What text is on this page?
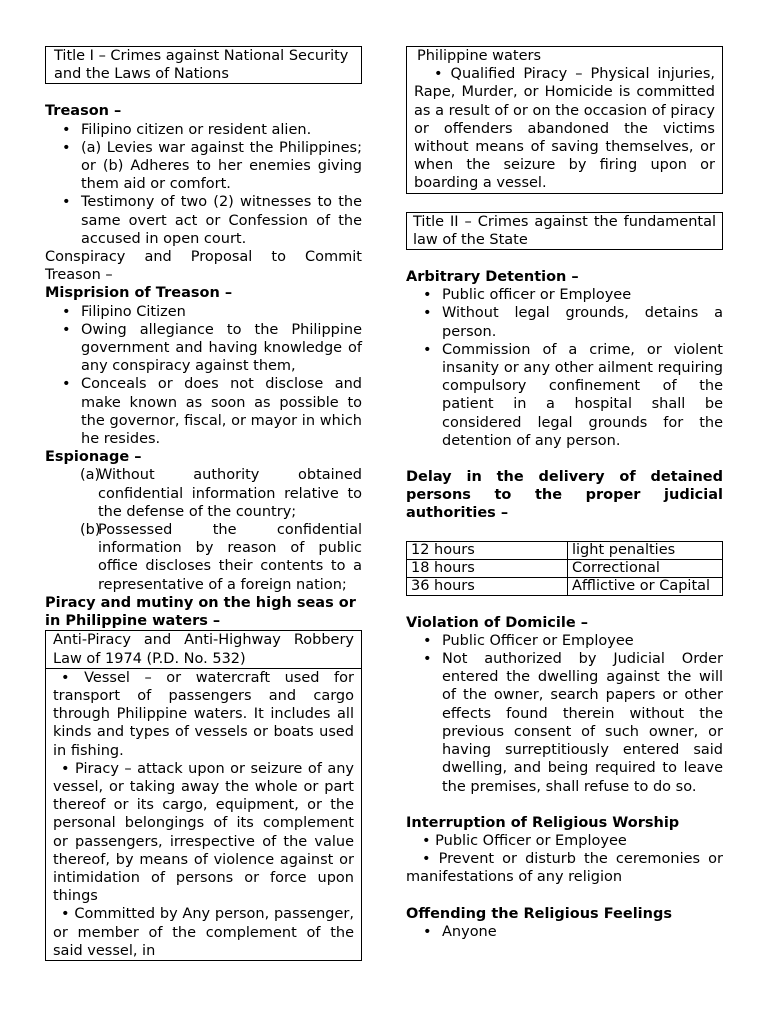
Title I – Crimes against National Security and the Laws of Nations
Treason –
• Filipino citizen or resident alien.
• (a) Levies war against the Philippines; or (b) Adheres to her enemies giving them aid or comfort.
• Testimony of two (2) witnesses to the same overt act or Confession of the accused in open court.

Conspiracy and Proposal to Commit Treason –

Misprision of Treason –
• Filipino Citizen
• Owing allegiance to the Philippine government and having knowledge of any conspiracy against them,
• Conceals or does not disclose and make known as soon as possible to the governor, fiscal, or mayor in which he resides.
Espionage –
(a)
Without authority obtained confidential information relative to the defense of the country;
(b)
Possessed the confidential information by reason of public office discloses their contents to a representative of a foreign nation;
Piracy and mutiny on the high seas or in Philippine waters –

Anti-Piracy and Anti-Highway Robbery Law of 1974 (P.D. No. 532)

• Vessel – or watercraft used for transport of passengers and cargo through Philippine waters. It includes all kinds and types of vessels or boats used in fishing.

• Piracy – attack upon or seizure of any vessel, or taking away the whole or part thereof or its cargo, equipment, or the personal belongings of its complement or passengers, irrespective of the value thereof, by means of violence against or intimidation of persons or force upon things

• Committed by Any person, passenger, or member of the complement of the said vessel, in

Philippine waters

• Qualified Piracy – Physical injuries, Rape, Murder, or Homicide is committed as a result of or on the occasion of piracy or offenders abandoned the victims without means of saving themselves, or when the seizure by firing upon or boarding a vessel.

Title II – Crimes against the fundamental law of the State

Arbitrary Detention –
• Public officer or Employee
• Without legal grounds, detains a person.
• Commission of a crime, or violent insanity or any other ailment requiring compulsory confinement of the patient in a hospital shall be considered legal grounds for the detention of any person.
Delay in the delivery of detained persons to the proper judicial authorities –
12 hours	light penalties
18 hours	Correctional
36 hours	Afflictive or Capital
Violation of Domicile –
• Public Officer or Employee
• Not authorized by Judicial Order entered the dwelling against the will of the owner, search papers or other effects found therein without the previous consent of such owner, or having surreptitiously entered said dwelling, and being required to leave the premises, shall refuse to do so.
Interruption of Religious Worship

• Public Officer or Employee

• Prevent or disturb the ceremonies or manifestations of any religion

Offending the Religious Feelings
• Anyone
